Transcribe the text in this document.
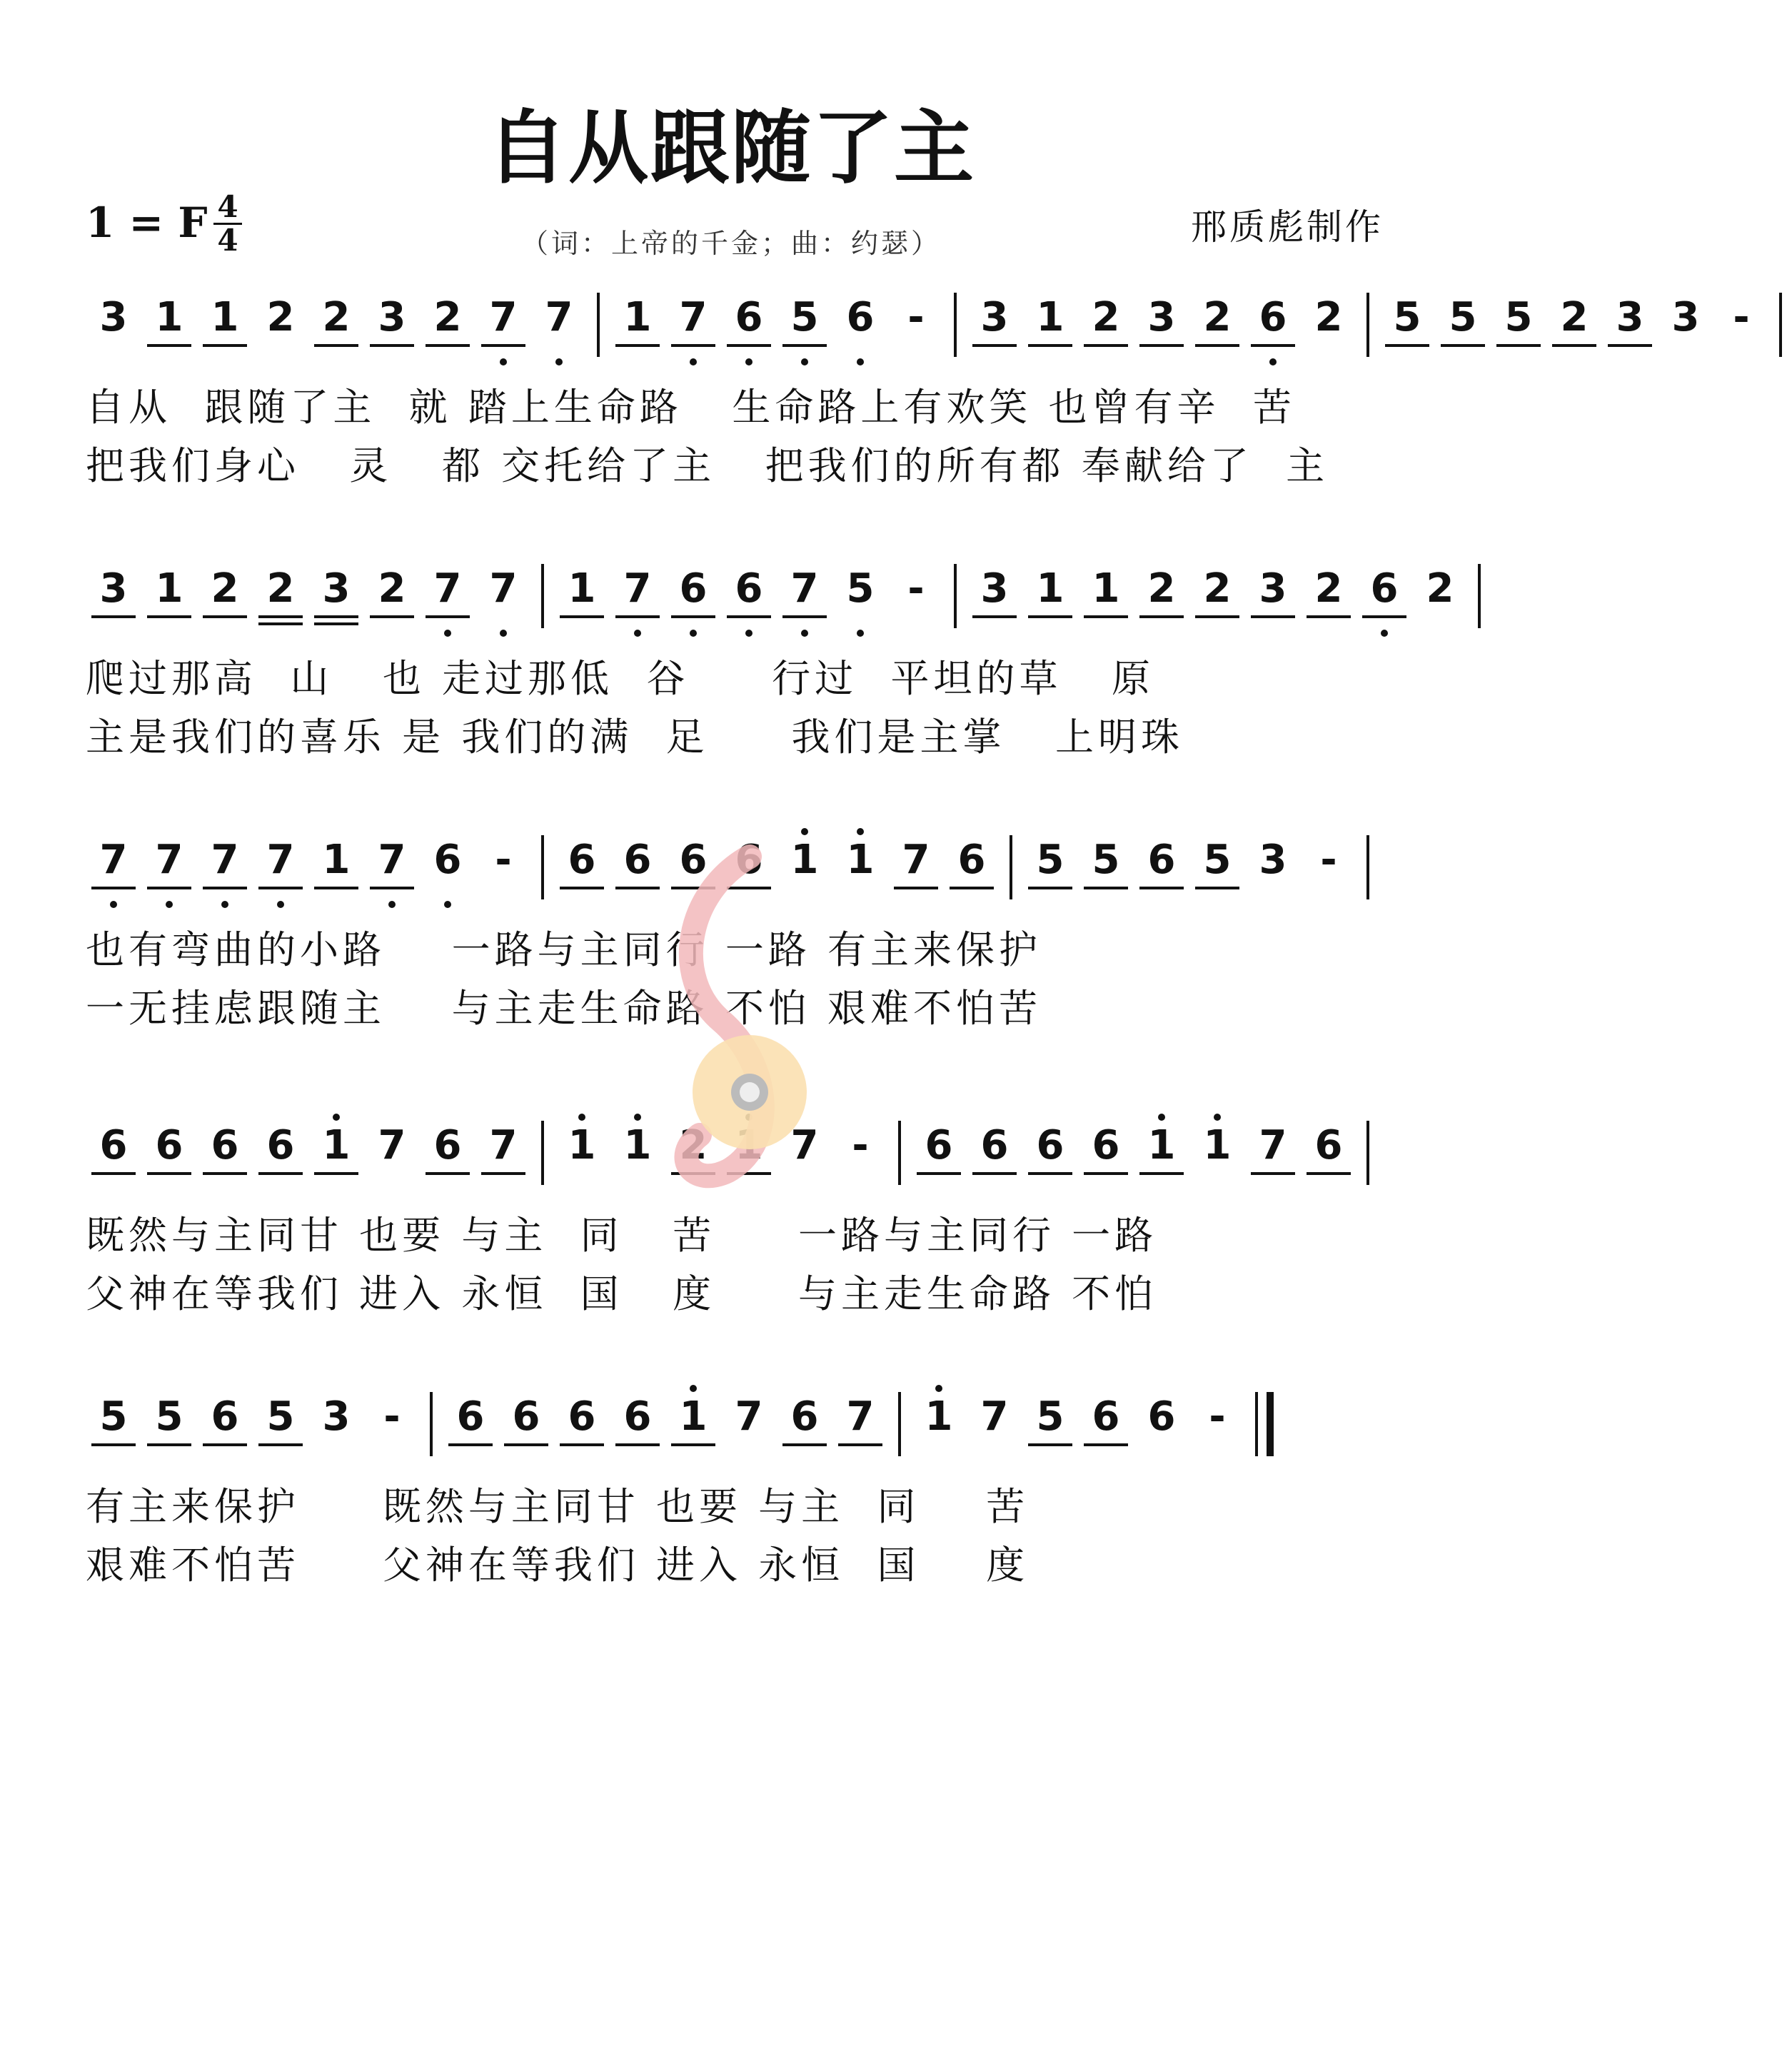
自从跟随了主
1 = F 4
4	（词：上帝的千金；曲：约瑟）	邢质彪制作
3 1 1 2 2 3 2 7 7	1 7 6 5 6 -	3 1 2 3 2 6 2	5 5 5 2 3 3 -
自从  跟随了主  就 踏上生命路   生命路上有欢笑 也曾有辛  苦
把我们身心   灵   都 交托给了主   把我们的所有都 奉献给了  主
3 1 2 2 3 2 7 7	1 7 6 6 7 5 -	3 1 1 2 2 3 2 6 2
爬过那高  山   也 走过那低  谷     行过  平坦的草   原
主是我们的喜乐 是 我们的满  足     我们是主掌   上明珠
7 7 7 7 1 7 6 -	6 6 6 6 1 1 7 6	5 5 6 5 3 -
也有弯曲的小路    一路与主同行 一路 有主来保护
一无挂虑跟随主    与主走生命路 不怕 艰难不怕苦
6 6 6 6 1 7 6 7	1 1 2	7 -	6 6 6 6 1 1 7 6
既然与主同甘 也要 与主  同   苦     一路与主同行 一路
父神在等我们 进入 永恒  国   度     与主走生命路 不怕
5 5 6 5 3 -	6 6 6 6 1 7 6 7	1 7 5 6 6 -
有主来保护     既然与主同甘 也要 与主  同    苦
艰难不怕苦     父神在等我们 进入 永恒  国    度
